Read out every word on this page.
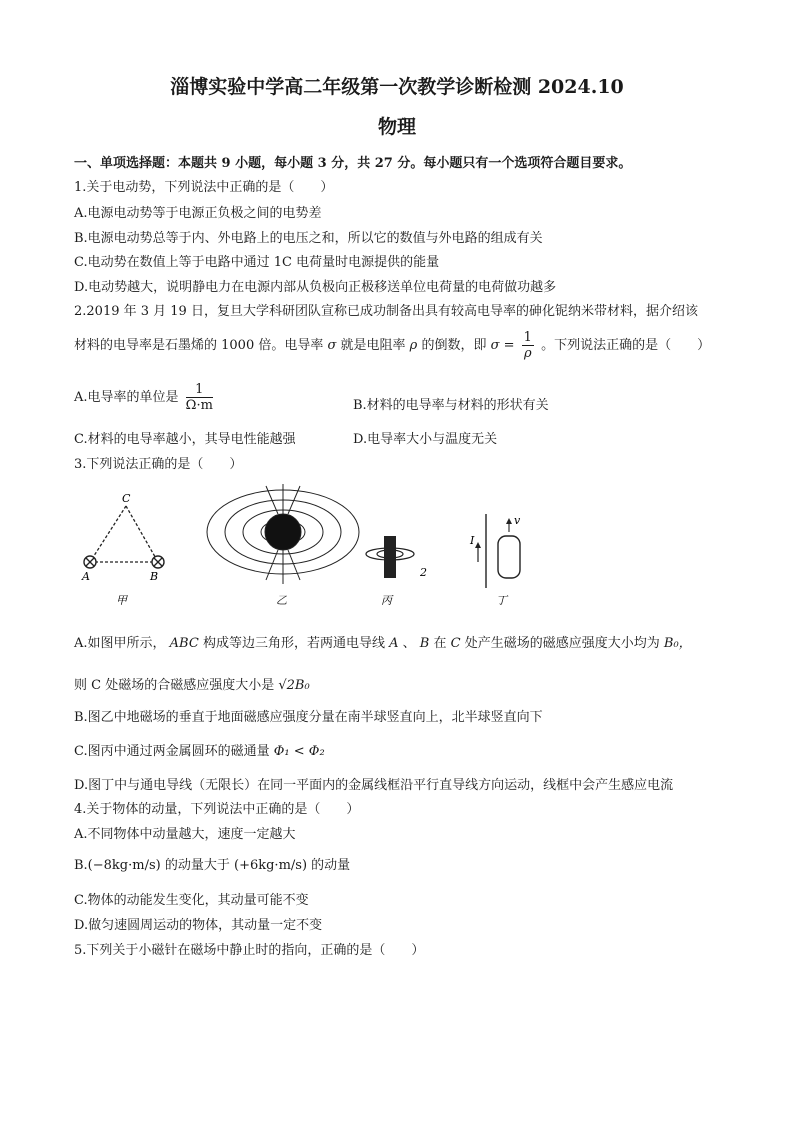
淄博实验中学高二年级第一次教学诊断检测 2024.10
物理
一、单项选择题：本题共 9 小题，每小题 3 分，共 27 分。每小题只有一个选项符合题目要求。
1.关于电动势，下列说法中正确的是（　　）
A.电源电动势等于电源正负极之间的电势差
B.电源电动势总等于内、外电路上的电压之和，所以它的数值与外电路的组成有关
C.电动势在数值上等于电路中通过 1C 电荷量时电源提供的能量
D.电动势越大，说明静电力在电源内部从负极向正极移送单位电荷量的电荷做功越多
2.2019 年 3 月 19 日，复旦大学科研团队宣称已成功制备出具有较高电导率的砷化铌纳米带材料，据介绍该
材料的电导率是石墨烯的 1000 倍。电导率 σ 就是电阻率 ρ 的倒数，即 $\sigma = \frac{1}{\rho}$ 。下列说法正确的是（　　）
A.电导率的单位是 $\frac{1}{\Omega\cdot m}$	B.材料的电导率与材料的形状有关
C.材料的电导率越小，其导电性能越强	D.电导率大小与温度无关
3.下列说法正确的是（　　）
C
A	B
甲	乙
2
丙
I
v
丁
A.如图甲所示， ABC 构成等边三角形，若两通电导线 A 、 B 在 C 处产生磁场的磁感应强度大小均为 B₀，
则 C 处磁场的合磁感应强度大小是 √2B₀
B.图乙中地磁场的垂直于地面磁感应强度分量在南半球竖直向上，北半球竖直向下
C.图丙中通过两金属圆环的磁通量 Φ₁ < Φ₂
D.图丁中与通电导线（无限长）在同一平面内的金属线框沿平行直导线方向运动，线框中会产生感应电流
4.关于物体的动量，下列说法中正确的是（　　）
A.不同物体中动量越大，速度一定越大
B.(−8kg·m/s) 的动量大于 (+6kg·m/s) 的动量
C.物体的动能发生变化，其动量可能不变
D.做匀速圆周运动的物体，其动量一定不变
5.下列关于小磁针在磁场中静止时的指向，正确的是（　　）
